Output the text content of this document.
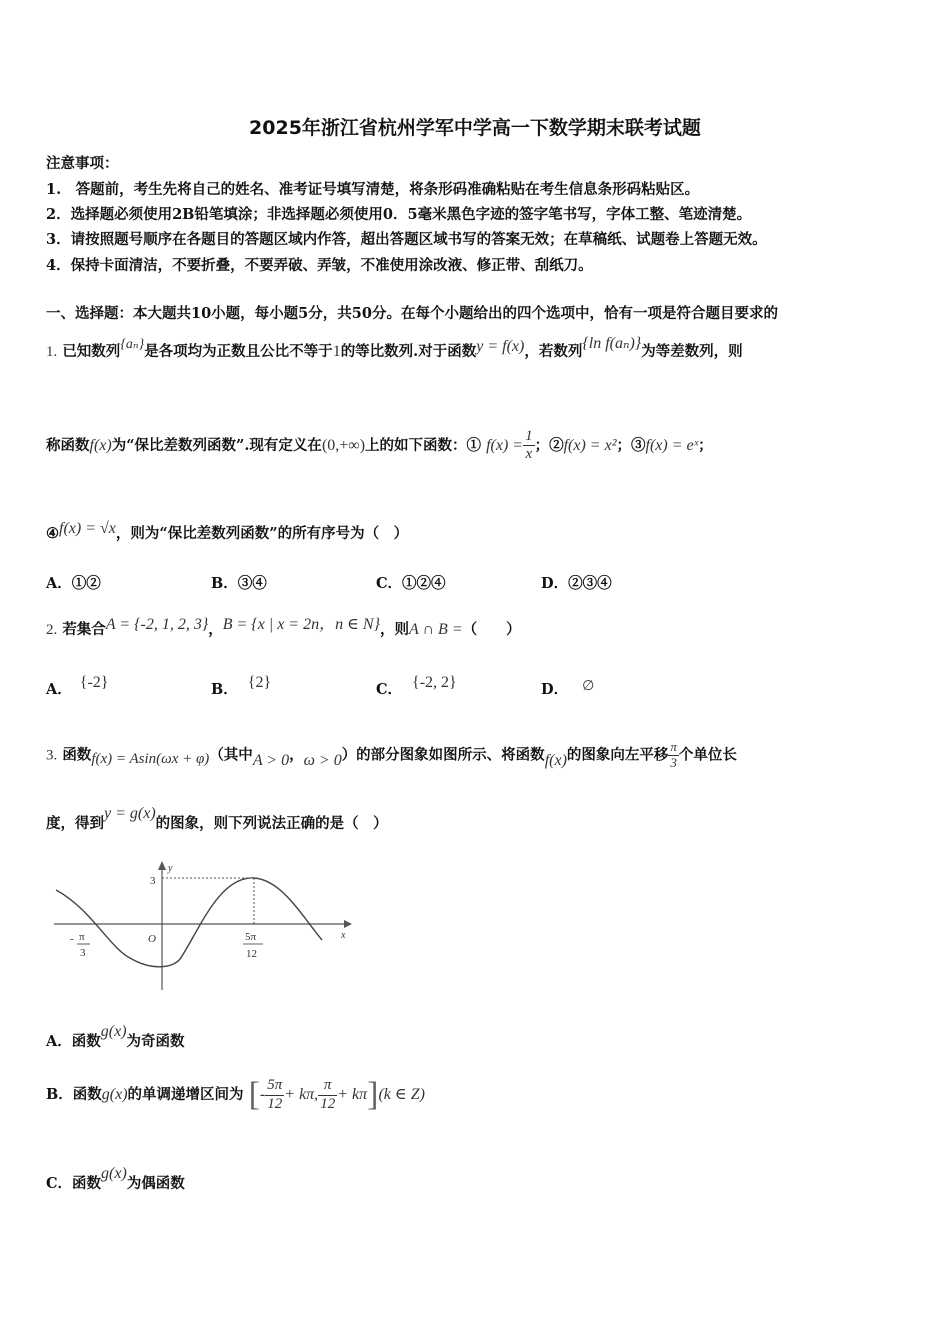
2025年浙江省杭州学军中学高一下数学期末联考试题
注意事项：
1.　答题前，考生先将自己的姓名、准考证号填写清楚，将条形码准确粘贴在考生信息条形码粘贴区。
2．选择题必须使用2B铅笔填涂；非选择题必须使用0．5毫米黑色字迹的签字笔书写，字体工整、笔迹清楚。
3．请按照题号顺序在各题目的答题区域内作答，超出答题区域书写的答案无效；在草稿纸、试题卷上答题无效。
4．保持卡面清洁，不要折叠，不要弄破、弄皱，不准使用涂改液、修正带、刮纸刀。
一、选择题：本大题共10小题，每小题5分，共50分。在每个小题给出的四个选项中，恰有一项是符合题目要求的
1. 已知数列{aₙ}是各项均为正数且公比不等于1的等比数列.对于函数y = f(x)，若数列{ln f(aₙ)}为等差数列，则
称函数f(x)为“保比差数列函数”.现有定义在(0,+∞)上的如下函数：① $f(x) = \frac{1}{x}$ ；②f(x) = x²；③f(x) = eˣ；
④f(x) = √x，则为“保比差数列函数”的所有序号为（　）
A．①②	B．③④	C．①②④	D．②③④
2. 若集合A = {-2, 1, 2, 3}，B = {x | x = 2n，n ∈ N}，则A ∩ B =（　　）
A． {-2}	B． {2}	C． {-2, 2}	D． ∅
3. 函数f(x) = Asin(ωx + φ)（其中A > 0，ω > 0）的部分图象如图所示、将函数f(x)的图象向左平移 $\frac{\pi}{3}$ 个单位长
度，得到y = g(x)的图象，则下列说法正确的是（　）
y
x
O
3
- π
3
5π
12
A．函数g(x)为奇函数
B．函数g(x)的单调递增区间为 [- $\frac{5\pi}{12} + k\pi$, $\frac{\pi}{12} + k\pi](k$ ∈ Z)
C．函数g(x)为偶函数
